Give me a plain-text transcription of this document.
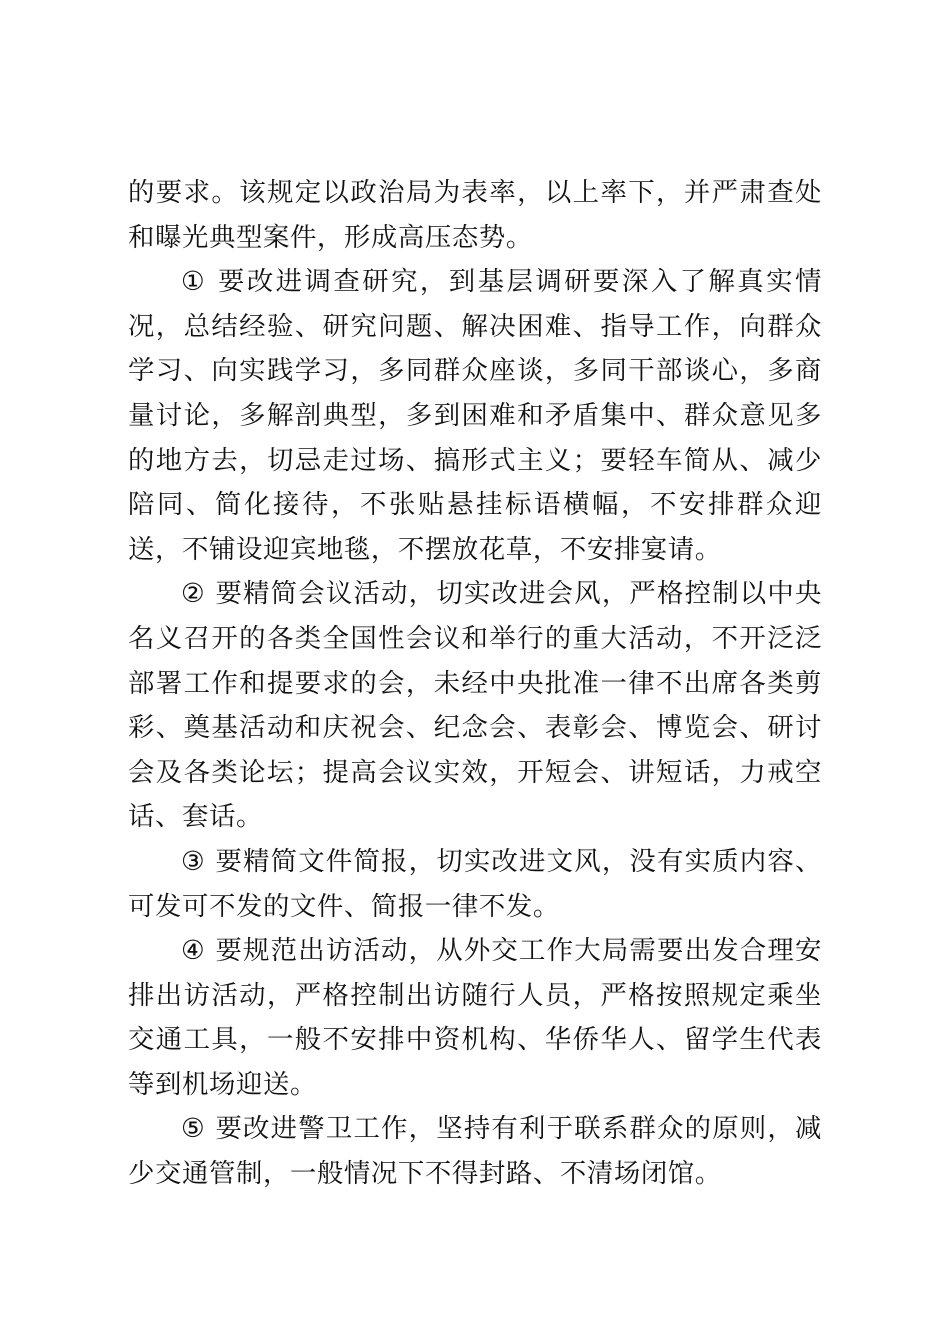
的要求。该规定以政治局为表率，以上率下，并严肃查处和曝光典型案件，形成高压态势。

① 要改进调查研究，到基层调研要深入了解真实情况，总结经验、研究问题、解决困难、指导工作，向群众学习、向实践学习，多同群众座谈，多同干部谈心，多商量讨论，多解剖典型，多到困难和矛盾集中、群众意见多的地方去，切忌走过场、搞形式主义；要轻车简从、减少陪同、简化接待，不张贴悬挂标语横幅，不安排群众迎送，不铺设迎宾地毯，不摆放花草，不安排宴请。

② 要精简会议活动，切实改进会风，严格控制以中央名义召开的各类全国性会议和举行的重大活动，不开泛泛部署工作和提要求的会，未经中央批准一律不出席各类剪彩、奠基活动和庆祝会、纪念会、表彰会、博览会、研讨会及各类论坛；提高会议实效，开短会、讲短话，力戒空话、套话。

③ 要精简文件简报，切实改进文风，没有实质内容、可发可不发的文件、简报一律不发。

④ 要规范出访活动，从外交工作大局需要出发合理安排出访活动，严格控制出访随行人员，严格按照规定乘坐交通工具，一般不安排中资机构、华侨华人、留学生代表等到机场迎送。

⑤ 要改进警卫工作，坚持有利于联系群众的原则，减少交通管制，一般情况下不得封路、不清场闭馆。
